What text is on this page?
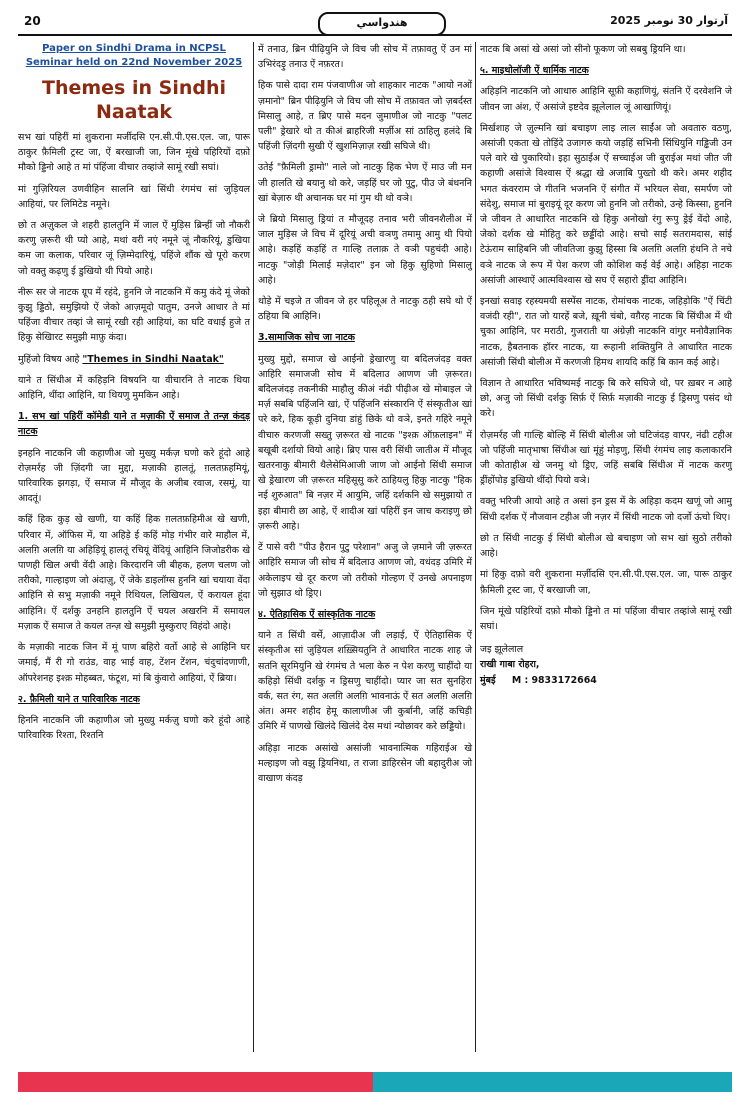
20	هندواسي	آرتوار 30 نومبر 2025

Paper on Sindhi Drama in NCPSL Seminar held on 22nd November 2025

Themes in Sindhi Naatak

सभ खां पहिरीं मां शुकराना मर्जीदसि एन.सी.पी.एस.एल. जा, पारू ठाकुर फ़ैमिली ट्रस्ट जा, ऐं बरखाजी जा, जिन मूंखे पहिरियों दफ़ो मौको ड्डिनो आहे त मां पंहिंजा वीचार तव्हांजे सामूं रखी सघां।

मां गुज़िरियल उणवीहिन सालनि खां सिंधी रंगमंच सां जुड़ियल आहियां, पर लिमिटेड नमूने।

छो त अज़ुकल जे शहरी हालतुनि में जाल ऐं मुड़िस ब्रिन्हीं जो नौकरी करणु ज़रूरी थी प्यो आहे, मथां वरी नएं नमूने जूं नौकरियूं, डुखिया कम जा कलाक, परिवार जूं ज़िम्मेदारियूं, पहिंजे शौंक खे पूरो करण जो वक्तु कढ़णु ई डुखियो थी पियो आहे।

नीरू सर जे नाटक ग्रूप में रहंदे, हुननि जे नाटकनि में कमु कंदे मूं जेको कुझु ड्डिठो, समुझियो ऐं जेको आज़मूदो पातुम, उनजे आधार ते मां पहिंजा वीचार तव्हां जे सामूं रखी रही आहियां, का घटि वधाई हुजे त हिकु सेखिारट समुझी माफ़ु कंदा।

मुहिंजो विषय आहे "Themes in Sindhi Naatak"

याने त सिंधीअ में कहिड़नि विषयनि या वीचारनि ते नाटक थिया आहिनि, थींदा आहिनि, या थियणु मुमकिन आहे।

1. सभ खां पहिरीं कॉमेडी याने त मज़ाकी ऐं समाज ते तन्ज़ कंदड़ नाटक

इनहनि नाटकनि जी कहाणीअ जो मुख्यु मर्कज़ घणो करे हूंदो आहे रोज़मर्रह जी ज़िंदगी जा मुद्दा, मज़ाकी हालतूं, ग़लतफ़हमियूं, पारिवारिक झगड़ा, ऐं समाज में मौजूद के अजीब रवाज, रसमूं, या आदतूं।

कहिं हिक कुड़ खे खणी, या कहिं हिक ग़लतफ़हिमीअ खे खणी, परिवार में, ऑफिस में, या अहिड़े ई कहिं मोड़ गंभीर वारे माहौल में, अलग़ि अलग़ि या अहिड़ियूं हालतूं रचियूं वेंदियूं आहिनि जिजोडरीक खे पाणही खिल अची वेंदी आहे। किरदारनि जी बीहक, हलण चलण जो तरीको, गाल्हाइण जो अंदाज़ु, ऐं जेके डाइलॉग्स हुननि खां चयाया वेंदा आहिनि से सभु मज़ाकी नमूने रिथियल, लिखियल, ऐं करायल हूंदा आहिनि। ऐं दर्शकु उनहनि हालतुनि ऐं चयल अखरनि में समायल मज़ाक ऐं समाज ते कयल तन्ज़ खे समुझी मुस्कुराए विहंदो आहे।

के मज़ाकी नाटक जिन में मूं पाण बहिरो वर्तो आहे से आहिनि घर जमाई, मैं री गो राउंड, वाह भाई वाह, टेंशन टेंशन, चंदुचांदणाणी, ऑपरेशनह इश्क़ मोहब्बत, फंटूश, मां बि कुंवारो आहियां, ऐं ब्रिया।

२. फ़ैमिली याने त पारिवारिक नाटक

हिननि नाटकनि जी कहाणीअ जो मुख्यु मर्कज़ु घणो करे हूंदो आहे पारिवारिक रिश्ता, रिश्तनि

में तनाउ, ब्रिन पीढ़ियुनि जे विच जी सोच में तफ़ावतु ऐं उन मां उभिरंदड़ु तनाउ ऐं नफ़रत।

हिक पासे दादा राम पंजवाणीअ जो शाहकार नाटक "आयो नओं ज़मानो" ब्रिन पीढ़ियुनि जे विच जी सोच में तफ़ावत जो ज़बर्दस्त मिसालु आहे, त ब्रिए पासे मदन जुमाणीअ जो नाटकु "पलट पली" ड्रेखारे थो त कीअं ब्राहरिजी मर्ज़ीअ सां ठाहिलु हलंदे बि पहिंजी ज़िंदगी सुखी ऐं खुशमिज़ाज़ रखी सघिजे थी।

उतेई "फ़ैमिली ड्रामो" नाले जो नाटकु हिक भेण ऐं माउ जी मन जी हालति खे बयानु थो करे, जड़हिं घर जो पुटु, पीउ जे बंधननि खां बेज़ारु थी अचानक घर मां गुम थी थो वञे।

जे ब्रियो मिसालु ड्रियां त मौजूदह तनाव भरी जीवनशैलीअ में जाल मुड़िस जे विच में दूरियूं अची वञणु तमामु आमु थी पियो आहे। कड़हिं कड़हिं त गाल्हि तलाक़ ते वञी पहुचंदी आहे। नाटकु "जोड़ी मिलाई मज़ेदार" इन जो हिकु सुहिणो मिसालु आहे।

थोड़े में चइजे त जीवन जे हर पहिलूअ ते नाटकु ठही सघे थो ऐं ठहिया बि आहिनि।

3.सामाजिक सोच जा नाटक

मुख्यु मुद्दो, समाज खे आईनो ड्रेखारणु या बदिलजंदड़ वक्त आहिरि समाजजी सोच में बदिलाउ आणण जी ज़रूरत। बदिलजंदड़ तकनीकी माहौलु कीअं नंढी पीढ़ीअ खे मोबाइल जे मर्ज़ सबबि पहिंजनि खां, ऐं पहिंजनि संस्कारनि ऐं संस्कृतीअ खां परे करे, हिक कूड़ी दुनिया डांहुं छिके थो वञे, इनते गहिरे नमूने वीचारु करणजी सख्तु ज़रूरत खे नाटक "इश्क़ ऑफ़लाइन" में बखूबी दर्शायो वियो आहे। ब्रिए पास वरी सिंधी जातीअ में मौजूद खतरनाकु बीमारी थैलेसेमिआजी जाण जो आईनो सिंधी समाज खे ड्रेखारण जी ज़रूरत महिसूसु करे ठाहियलु हिकु नाटकु "हिक नई शुरुआत" बि नज़र में आयुमि, जहिं दर्शकनि खे समुझायो त इहा बीमारी छा आहे, ऐं शादीअ खां पहिरीं इन जाच कराइणु छो ज़रूरी आहे।

टें पासे वरी "पीउ हैरान पुटु परेशान" अजु जे ज़माने जी ज़रूरत आहिरि समाज जी सोच में बदिलाउ आणण जो, वधंदड़ उमिरि में अकेलाइप खे दूर करण जो तरीको गोल्हण ऐं उनखे अपनाइण जो सुझाउ थो ड्रिए।

४. ऐतिहासिक ऐं सांस्कृतिक नाटक

याने त सिंधी वर्से, आज़ादीअ जी लड़ाई, ऐं ऐतिहासिक ऐं संस्कृतीअ सां जुड़ियल शख़्सियतुनि ते आधारित नाटक शाह जे सतनि सूरमियुनि खे रंगमंच ते भला केरु न पेश करणु चाहींदो या कहिड़ो सिंधी दर्शकु न ड्रिसणु चाहींदो। प्यार जा सत सुनहिरा वर्क, सत रंग, सत अलग़ि अलग़ि भावनाऊं ऐं सत अलग़ि अलग़ि अंत। अमर शहीद हेमू कालाणीअ जी कुर्बानी, जहिं कचिड़ी उमिरि में पाणखे खिलंदे खिलंदे देस मथां न्योछावर करे छड्डियो।

अहिड़ा नाटक असांखे असांजी भावनात्मिक गहिराईअ खे मल्हाइण जो वझु ड्रियनिथा, त राजा डाहिरसेन जी बहादुरीअ जो वाखाण कंदड़

नाटक बि असां खे असां जो सीनो फूकण जो सबबु ड्रियनि था।

५. माइथोलॉजी ऐं धार्मिक नाटक

अहिड़नि नाटकनि जो आधारु आहिनि सूफ़ी कहाणियूं, संतनि ऐं दरवेशनि जे जीवन जा अंश, ऐं असांजे इष्टदेव झूलेलाल जूं आखाणियूं।

मिर्खशाह जे ज़ुल्मनि खां बचाइण लाइ लाल साईंअ जो अवतारु वठणु, असांजी एकता खे तोड़िंदे उजागरु कयो जड़हिं सभिनी सिंधियुनि गड्ढिजी उन पले वारे खे पुकारियो। इहा सुठाईअ ऐं सच्चाईअ जी बुराईअ मथां जीत जी कहाणी असांजे विश्वास ऐं श्रद्धा खे अजाबि पुख्तो थी करे। अमर शहीद भगत कंवरराम जे गीतनि भजननि ऐं संगीत में भरियल सेवा, समर्पण जो संदेशु, समाज मां बुराइयूं दूर करण जो हुननि जो तरीको, उन्हे किस्सा, हुननि जे जीवन ते आधारित नाटकनि खे हिकु अनोखो रंगु रूपु ड्रेई वेंदो आहे, जेको दर्शक खे मोहितु करे छड्डींदो आहे। सचो साईं सतरामदास, सांई टेऊंराम साहिबनि जी जीवतिजा कुझु हिस्सा बि अलग़ि अलग़ि हंधनि ते नचे वञे नाटक जे रूप में पेश करण जी कोशिश कई वेई आहे। अहिड़ा नाटक असांजी आस्थाऐं आत्मविश्वास खे सघ ऐं सहारो ड्रींदा आहिनि।

इनखां सवाइ रहस्यमयी सस्पेंस नाटक, रोमांचक नाटक, जहिड़ोकि "ऐं चिंटी वजंदी रही", रात जो यारहें बजे, ख़ूनी चंबो, वग़ैरह नाटक बि सिंधीअ में थी चुका आहिनि, पर मराठी, गुजराती या अंग्रेज़ी नाटकनि वांगुर मनोवैज्ञानिक नाटक, हैबतनाक हॉरर नाटक, या रूहानी शक्तियुनि ते आधारित नाटक असांजी सिंधी बोलीअ में करणजी हिमथ शायदि कहिं बि कान कई आहे।

विज्ञान ते आधारित भविष्यमई नाटकु बि करे सघिजे थो, पर ख़बर न आहे छो, अजु जो सिंधी दर्शकु सिर्फ़ ऐं सिर्फ़ मज़ाकी नाटकु ई ड्रिसणु पसंद थो करे।

रोज़मर्रह जी गाल्हि बोल्हि में सिंधी बोलीअ जो घटिजंदड़ वापर, नंढी टहीअ जो पहिंजी मातृभाषा सिंधीअ खां मूंहुं मोड़णु, सिंधी रंगमंच लाइ कलाकारनि जी कोताहीअ खे जनमु थो ड्रिए, जहिं सबबि सिंधीअ में नाटक करणु ड्रींहोंपोड़ डुखियो थींदो पियो वञे।

वक्तु भरिजी आयो आहे त असां इन ड्रस में के अहिड़ा कदम खणूं जो आमु सिंधी दर्शक ऐं नौजवान टहीअ जी नज़र में सिंधी नाटक जो दर्जो ऊंचो थिए।

छो त सिंधी नाटकु ई सिंधी बोलीअ खे बचाइण जो सभ खां सुठो तरीको आहे।

मां हिकु दफ़ो वरी शुकराना मर्ज़ीदसि एन.सी.पी.एस.एल. जा, पारू ठाकुर फ़ैमिली ट्रस्ट जा, ऐं बरखाजी जा,

जिन मूंखे पहिरियों दफ़ो मौको ड्डिनो त मां पहिंजा वीचार तव्हांजे सामूं रखी सघां।

जइ झूलेलाल
राखी गाबा रोहरा,
मुंबई M : 9833172664
